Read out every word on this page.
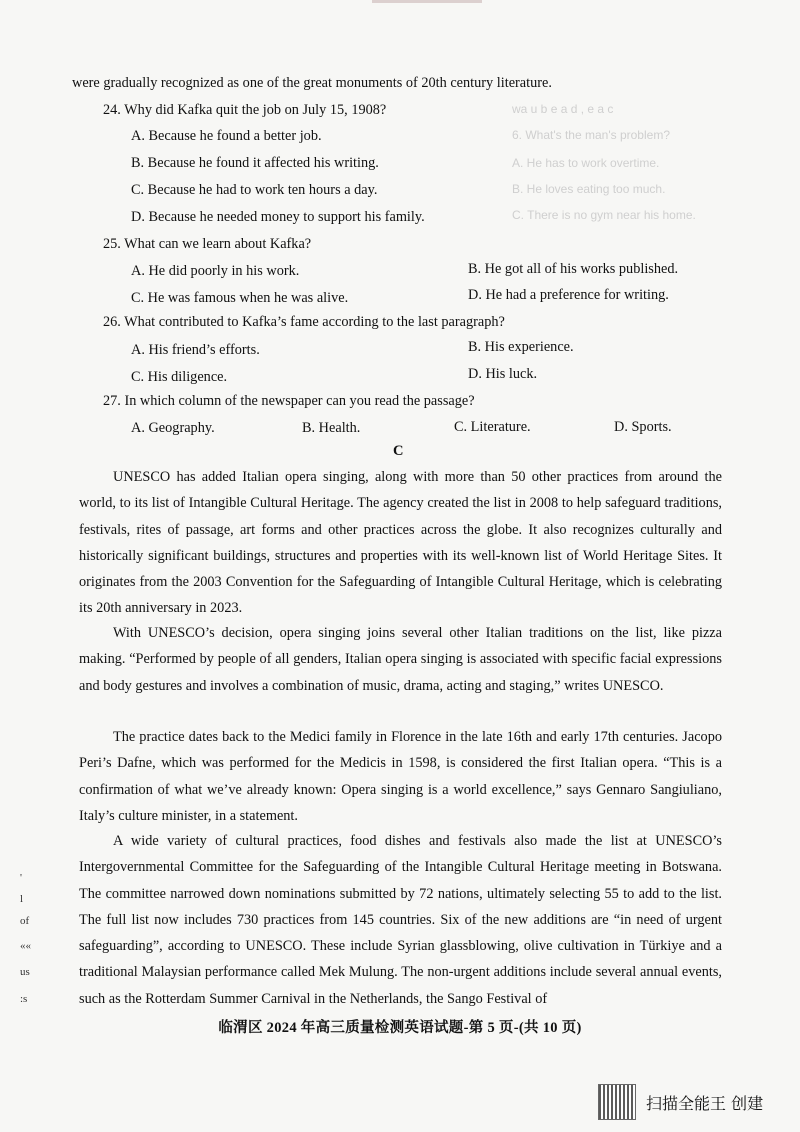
were gradually recognized as one of the great monuments of 20th century literature.
24. Why did Kafka quit the job on July 15, 1908?
A. Because he found a better job.
B. Because he found it affected his writing.
C. Because he had to work ten hours a day.
D. Because he needed money to support his family.
25. What can we learn about Kafka?
A. He did poorly in his work.	B. He got all of his works published.
C. He was famous when he was alive.	D. He had a preference for writing.
26. What contributed to Kafka’s fame according to the last paragraph?
A. His friend’s efforts.	B. His experience.
C. His diligence.	D. His luck.
27. In which column of the newspaper can you read the passage?
A. Geography.	B. Health.	C. Literature.	D. Sports.
wa u b e a d , e a c
6. What's the man's problem?
A. He has to work overtime.
B. He loves eating too much.
C. There is no gym near his home.
C
UNESCO has added Italian opera singing, along with more than 50 other practices from around the world, to its list of Intangible Cultural Heritage. The agency created the list in 2008 to help safeguard traditions, festivals, rites of passage, art forms and other practices across the globe. It also recognizes culturally and historically significant buildings, structures and properties with its well-known list of World Heritage Sites. It originates from the 2003 Convention for the Safeguarding of Intangible Cultural Heritage, which is celebrating its 20th anniversary in 2023.
With UNESCO’s decision, opera singing joins several other Italian traditions on the list, like pizza making. “Performed by people of all genders, Italian opera singing is associated with specific facial expressions and body gestures and involves a combination of music, drama, acting and staging,” writes UNESCO.
The practice dates back to the Medici family in Florence in the late 16th and early 17th centuries. Jacopo Peri’s Dafne, which was performed for the Medicis in 1598, is considered the first Italian opera. “This is a confirmation of what we’ve already known: Opera singing is a world excellence,” says Gennaro Sangiuliano, Italy’s culture minister, in a statement.
A wide variety of cultural practices, food dishes and festivals also made the list at UNESCO’s Intergovernmental Committee for the Safeguarding of the Intangible Cultural Heritage meeting in Botswana. The committee narrowed down nominations submitted by 72 nations, ultimately selecting 55 to add to the list. The full list now includes 730 practices from 145 countries. Six of the new additions are “in need of urgent safeguarding”, according to UNESCO. These include Syrian glassblowing, olive cultivation in Türkiye and a traditional Malaysian performance called Mek Mulung. The non-urgent additions include several annual events, such as the Rotterdam Summer Carnival in the Netherlands, the Sango Festival of
'
l
of
««
us
:s
临渭区 2024 年高三质量检测英语试题-第 5 页-(共 10 页)
扫描全能王 创建
